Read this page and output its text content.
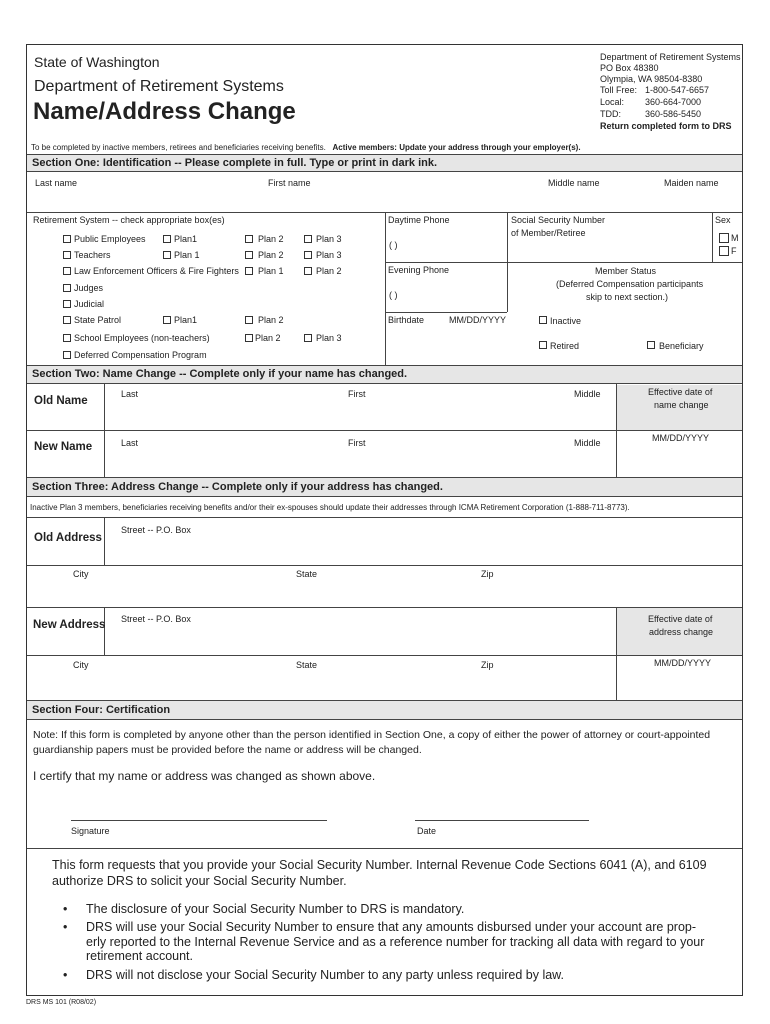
State of Washington
Department of Retirement Systems
Name/Address Change
Department of Retirement Systems
PO Box 48380
Olympia, WA 98504-8380
Toll Free: 1-800-547-6657
Local: 360-664-7000
TDD:	360-586-5450
Return completed form to DRS
To be completed by inactive members, retirees and beneficiaries receiving benefits. Active members: Update your address through your employer(s).
Section One: Identification -- Please complete in full. Type or print in dark ink.
Last name	First name	Middle name	Maiden name
Retirement System -- check appropriate box(es)
Public Employees	Plan1	Plan 2	Plan 3
Teachers	Plan 1	Plan 2	Plan 3
Law Enforcement Officers & Fire Fighters Plan 1	Plan 2
Judges
Judicial
State Patrol	Plan1	Plan 2
School Employees (non-teachers)	Plan 2	Plan 3
Deferred Compensation Program
Daytime Phone
( )
Evening Phone
( )
Birthdate	MM/DD/YYYY
Social Security Number
of Member/Retiree
Sex
M
F
Member Status
(Deferred Compensation participants
skip to next section.)
Inactive
Retired	Beneficiary
Section Two: Name Change -- Complete only if your name has changed.
Old Name
Last	First	Middle	Effective date of
name change
New Name	Last	First	Middle	MM/DD/YYYY
Section Three: Address Change -- Complete only if your address has changed.
Inactive Plan 3 members, beneficiaries receiving benefits and/or their ex-spouses should update their addresses through ICMA Retirement Corporation (1-888-711-8773).
Old Address
Street -- P.O. Box
City	State	Zip
New Address Street -- P.O. Box	Effective date of
address change
City	State	Zip	MM/DD/YYYY
Section Four: Certification
Note: If this form is completed by anyone other than the person identified in Section One, a copy of either the power of attorney or court-appointed
guardianship papers must be provided before the name or address will be changed.
I certify that my name or address was changed as shown above.
Signature	Date
This form requests that you provide your Social Security Number. Internal Revenue Code Sections 6041 (A), and 6109
authorize DRS to solicit your Social Security Number.
• The disclosure of your Social Security Number to DRS is mandatory.
• DRS will use your Social Security Number to ensure that any amounts disbursed under your account are prop-
erly reported to the Internal Revenue Service and as a reference number for tracking all data with regard to your
retirement account.
• DRS will not disclose your Social Security Number to any party unless required by law.
DRS MS 101 (R08/02)
